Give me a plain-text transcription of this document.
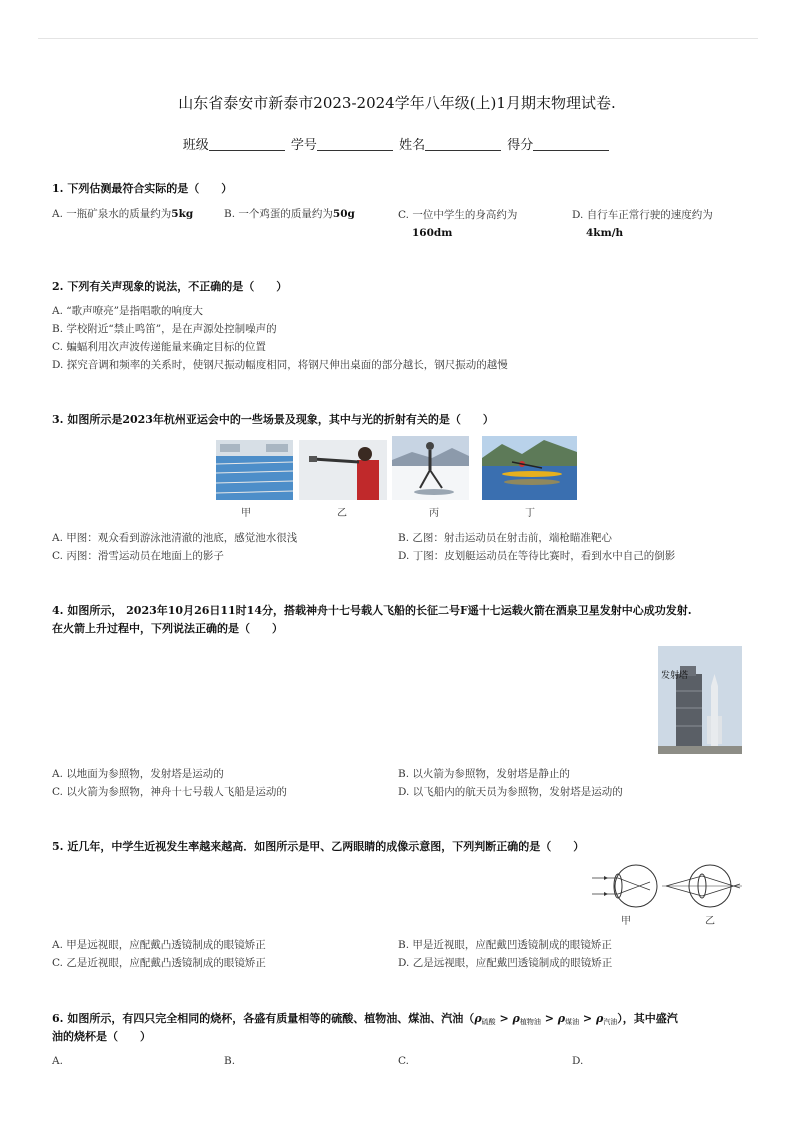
山东省泰安市新泰市2023-2024学年八年级(上)1月期末物理试卷.
班级	学号	姓名	得分
1. 下列估测最符合实际的是（　　）
A. 一瓶矿泉水的质量约为5kg	B. 一个鸡蛋的质量约为50g	C. 一位中学生的身高约为
160dm
D. 自行车正常行驶的速度约为
4km/h
2. 下列有关声现象的说法，不正确的是（　　）
A. “歌声嘹亮”是指唱歌的响度大
B. 学校附近“禁止鸣笛”，是在声源处控制噪声的
C. 蝙蝠利用次声波传递能量来确定目标的位置
D. 探究音调和频率的关系时，使钢尺振动幅度相同，将钢尺伸出桌面的部分越长，钢尺振动的越慢
3. 如图所示是2023年杭州亚运会中的一些场景及现象，其中与光的折射有关的是（　　）
甲	乙	丙	丁
A. 甲图：观众看到游泳池清澈的池底，感觉池水很浅	B. 乙图：射击运动员在射击前，端枪瞄准靶心
C. 丙图：滑雪运动员在地面上的影子	D. 丁图：皮划艇运动员在等待比赛时，看到水中自己的倒影
4. 如图所示， 2023年10月26日11时14分，搭载神舟十七号载人飞船的长征二号F遥十七运载火箭在酒泉卫星发射中心成功发射.
在火箭上升过程中，下列说法正确的是（　　）
发射塔
A. 以地面为参照物，发射塔是运动的	B. 以火箭为参照物，发射塔是静止的
C. 以火箭为参照物，神舟十七号载人飞船是运动的	D. 以飞船内的航天员为参照物，发射塔是运动的
5. 近几年，中学生近视发生率越来越高．如图所示是甲、乙两眼睛的成像示意图，下列判断正确的是（　　）
甲	乙
A. 甲是远视眼，应配戴凸透镜制成的眼镜矫正	B. 甲是近视眼，应配戴凹透镜制成的眼镜矫正
C. 乙是近视眼，应配戴凸透镜制成的眼镜矫正	D. 乙是远视眼，应配戴凹透镜制成的眼镜矫正
6. 如图所示，有四只完全相同的烧杯，各盛有质量相等的硫酸、植物油、煤油、汽油$(\rho_{硫酸} > \rho_{植物油} > \rho_{煤油} > \rho_{汽油})$，其中盛汽
油的烧杯是（　　）
A.	B.	C.	D.
